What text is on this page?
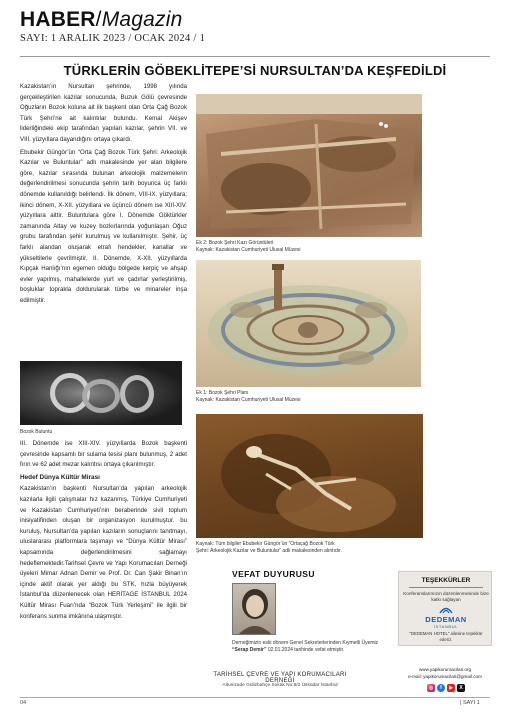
HABER/Magazin
SAYI: 1 ARALIK 2023 / OCAK 2024 / 1
TÜRKLERİN GÖBEKLİTEPE’Sİ NURSULTAN’DA KEŞFEDİLDİ

Kazakistan’ın Nursultan şehrinde, 1998 yılında gerçekleştirilen kazılar sonucunda, Buzuk Gölü çevresinde Oğuzların Bozok koluna ait ilk başkent olan Orta Çağ Bozok Türk Şehri’ne ait kalıntılar bulundu. Kemal Akişev liderliğindeki ekip tarafından yapılan kazılar, şehrin VII. ve VIII. yüzyıllara dayandığını ortaya çıkardı.

Ebubekir Güngör’ün “Orta Çağ Bozok Türk Şehri: Arkeolojik Kazılar ve Buluntular” adlı makalesinde yer alan bilgilere göre, kazılar sırasında bulunan arkeolojik malzemelerin değerlendirilmesi sonucunda şehrin tarih boyunca üç farklı dönemde kullanıldığı belirlendi. İlk dönem, VIII-IX. yüzyıllara; ikinci dönem, X-XII. yüzyıllara ve üçüncü dönem ise XIII-XIV. yüzyıllara aittir. Buluntulara göre I. Dönemde Göktürkler zamanında Altay ve kuzey bozkırlarında yoğunlaşan Oğuz grubu tarafından şehir kurulmuş ve kullanılmıştır. Şehir, üç farklı alandan oluşarak etrafı hendekler, kanallar ve yükseltilerle çevrilmiştir. II. Dönemde, X-XII. yüzyıllarda Kıpçak Hanlığı’nın egemen olduğu bölgede kerpiç ve ahşap evler yapılmış, mahallelerde yurt ve çadırlar yerleştirilmiş, boşluklar toprakla doldurularak türbe ve minareler inşa edilmiştir.

Bozok Buluntu

III. Dönemde ise XIII-XIV. yüzyıllarda Bozok başkenti çevresinde kapsamlı bir sulama tesisi planı bulunmuş, 2 adet fırın ve 62 adet mezar kalıntısı ortaya çıkarılmıştır.

Hedef Dünya Kültür Mirası

Kazakistan’ın başkenti Nursultan’da yapılan arkeolojik kazılarla ilgili çalışmalar hız kazanmış, Türkiye Cumhuriyeti ve Kazakistan Cumhuriyeti’nin beraberinde sivil toplum inisiyatifinden oluşan bir organizasyon kurulmuştur. bu kuruluş, Nursultan’da yapılan kazıların sonuçlarını tanıtmayı, uluslararası platformlara taşımayı ve “Dünya Kültür Mirası” kapsamında değerlendirilmesini sağlamayı hedeflemektedir.Tarihsel Çevre ve Yapı Korumacıları Derneği üyeleri Mimar Adnan Demir ve Prof. Dr. Can Şakir Binan’ın içinde aktif olarak yer aldığı bu STK, hızla büyüyerek İstanbul’da düzenlenecek olan HERİTAGE İSTANBUL 2024 Kültür Mirası Fuarı’nda “Bozok Türk Yerleşimi” ile ilgili bir konferans sunma imkânına ulaşmıştır.

Ek 2: Bozok Şehri Kazı Görüntüleri
Kaynak: Kazakistan Cumhuriyeti Ulusal Müzesi
Ek 1: Bozok Şehri Planı
Kaynak: Kazakistan Cumhuriyeti Ulusal Müzesi
Kaynak: Tüm bilgiler Ebubekir Güngör’ün “Ortaçağ Bozok Türk
Şehri: Arkeolojik Kazılar ve Buluntular” adlı makalesinden alıntıdır.
VEFAT DUYURUSU
Derneğimizin eski dönem Genel Sekreterlerinden Kıymetli Üyemiz “Serap Demir” 02.01.2024 tarihinde vefat etmiştir.
TEŞEKKÜRLER
Konferanslarımızın düzenlenmesinde bize katkı sağlayan
DEDEMAN
İSTANBUL
“DEDEMAN HOTEL” ailesine teşekkür ederiz.
TARİHSEL ÇEVRE VE YAPI KORUMACILARI DERNEĞİ
Altunizade Gülizbahçe Sokak No:8/2 Üsküdar İstanbul
www.yapikorumacilari.org
e-mail: yapikorumacilari@gmail.com
◎	f	▶	X
04	| SAYI 1
